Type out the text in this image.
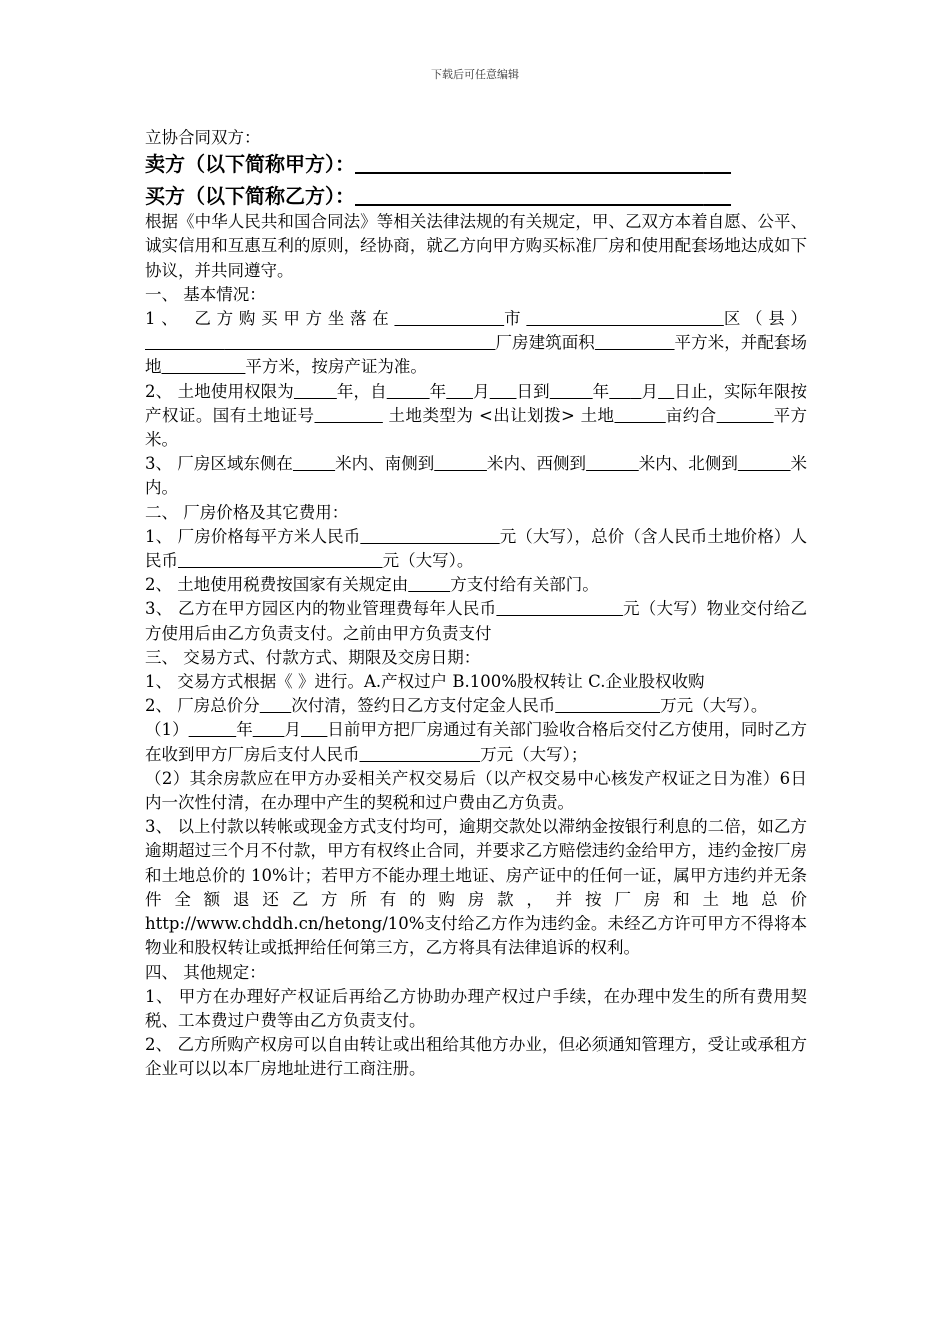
下载后可任意编辑

立协合同双方：

卖方（以下简称甲方）：

买方（以下简称乙方）：

根据《中华人民共和国合同法》等相关法律法规的有关规定，甲、乙双方本着自愿、公平、诚实信用和互惠互利的原则，经协商，就乙方向甲方购买标准厂房和使用配套场地达成如下协议，并共同遵守。

一、 基本情况：

1、 乙方购买甲方坐落在	市	区（县）                                                                  厂房建筑面积	平方米，并配套场地	平方米，按房产证为准。

2、 土地使用权限为	年，自	年 月 日到	年 月 日止，实际年限按产权证。国有土地证号	土地类型为 <出让划拨> 土地	亩约合	平方米。

3、 厂房区域东侧在	米内、南侧到	米内、西侧到	米内、北侧到	米内。

二、 厂房价格及其它费用：

1、 厂房价格每平方米人民币	元（大写），总价（含人民币土地价格）人民币	元（大写）。

2、 土地使用税费按国家有关规定由	方支付给有关部门。

3、 乙方在甲方园区内的物业管理费每年人民币	元（大写）物业交付给乙方使用后由乙方负责支付。之前由甲方负责支付

三、 交易方式、付款方式、期限及交房日期：

1、 交易方式根据《 》进行。A.产权过户 B.100%股权转让 C.企业股权收购

2、 厂房总价分 次付清，签约日乙方支付定金人民币	万元（大写）。

（1）	年 月 日前甲方把厂房通过有关部门验收合格后交付乙方使用，同时乙方在收到甲方厂房后支付人民币	万元（大写）；

（2）其余房款应在甲方办妥相关产权交易后（以产权交易中心核发产权证之日为准）6日内一次性付清，在办理中产生的契税和过户费由乙方负责。

3、 以上付款以转帐或现金方式支付均可，逾期交款处以滞纳金按银行利息的二倍，如乙方逾期超过三个月不付款，甲方有权终止合同，并要求乙方赔偿违约金给甲方，违约金按厂房和土地总价的 10%计；若甲方不能办理土地证、房产证中的任何一证，属甲方违约并无条件全额退还乙方所有的购房款，并按厂房和土地总价 http://www.chddh.cn/hetong/10%支付给乙方作为违约金。未经乙方许可甲方不得将本物业和股权转让或抵押给任何第三方，乙方将具有法律追诉的权利。

四、 其他规定：

1、 甲方在办理好产权证后再给乙方协助办理产权过户手续，在办理中发生的所有费用契税、工本费过户费等由乙方负责支付。

2、 乙方所购产权房可以自由转让或出租给其他方办业，但必须通知管理方，受让或承租方企业可以以本厂房地址进行工商注册。
